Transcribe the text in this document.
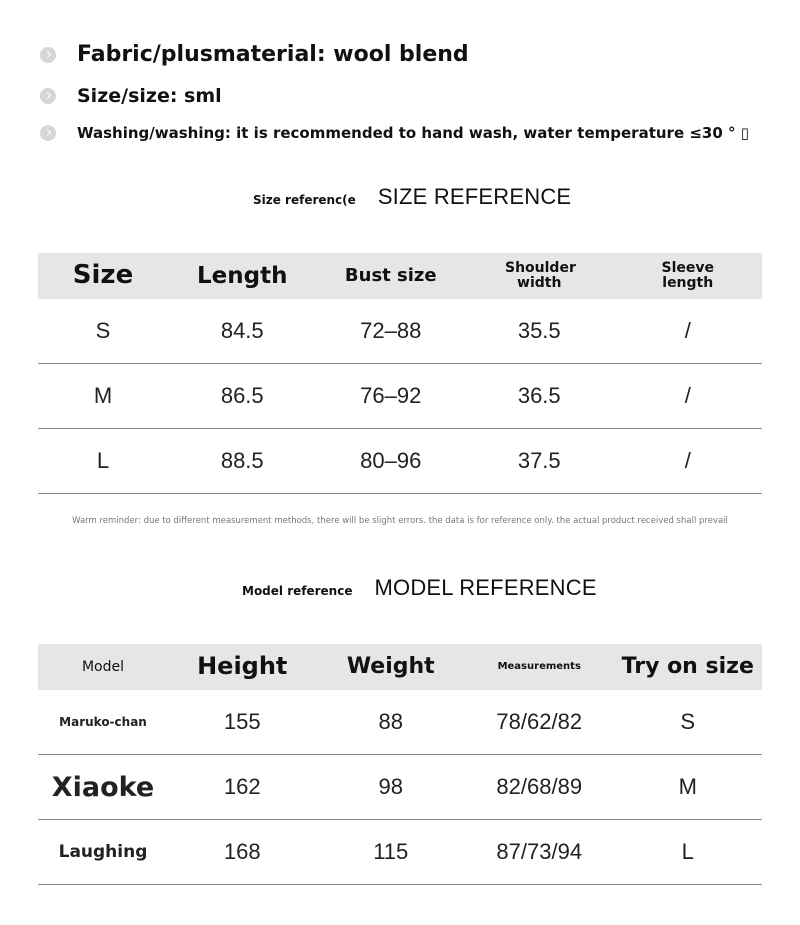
Fabric/plusmaterial: wool blend
Size/size: sml
Washing/washing: it is recommended to hand wash, water temperature ≤30 ° ▯
Size referenc(e SIZE REFERENCE
Size	Length	Bust size	Shoulder width	Sleeve length
S	84.5	72–88	35.5	/
M	86.5	76–92	36.5	/
L	88.5	80–96	37.5	/
Warm reminder: due to different measurement methods, there will be slight errors. the data is for reference only. the actual product received shall prevail
Model reference MODEL REFERENCE
Model	Height	Weight	Measurements	Try on size
Maruko-chan	155	88	78/62/82	S
Xiaoke	162	98	82/68/89	M
Laughing	168	115	87/73/94	L
